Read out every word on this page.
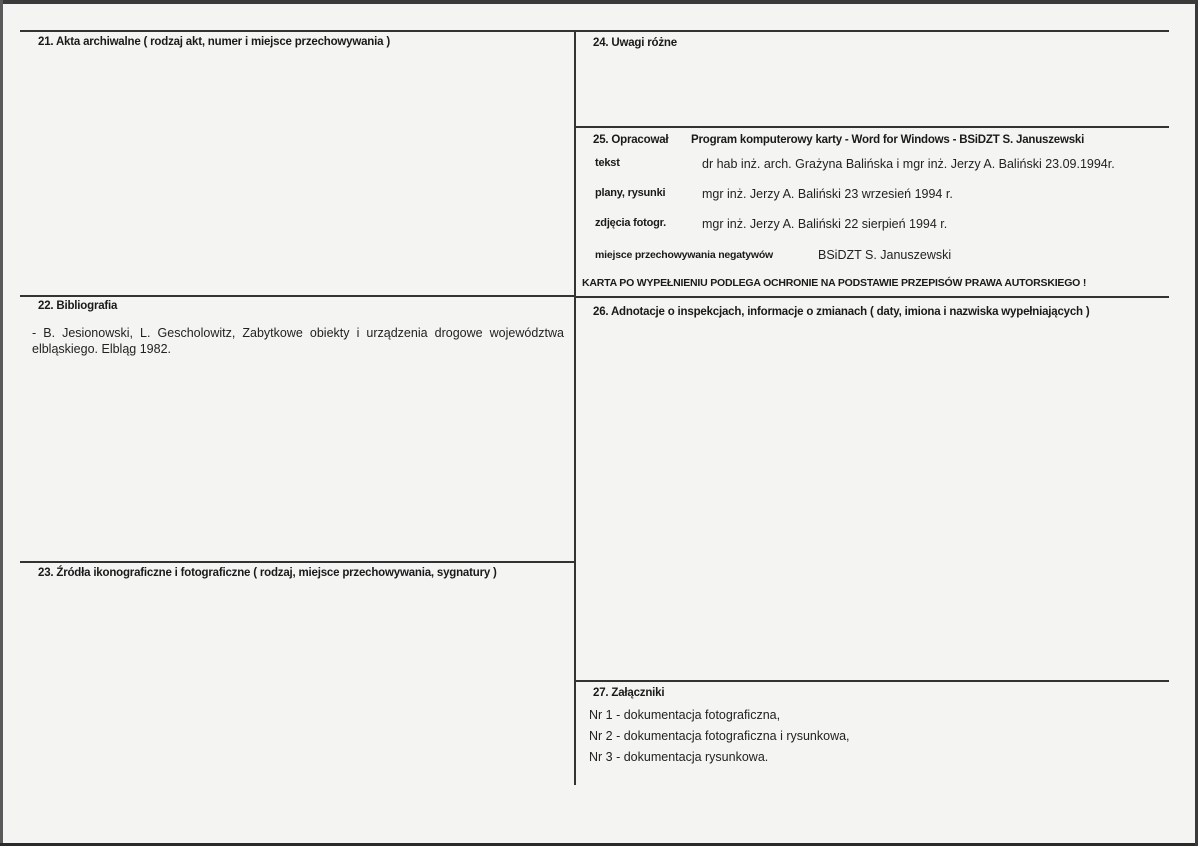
21. Akta archiwalne ( rodzaj akt, numer i miejsce przechowywania )
22. Bibliografia
- B. Jesionowski, L. Gescholowitz, Zabytkowe obiekty i urządzenia drogowe województwa elbląskiego. Elbląg 1982.
23. Źródła ikonograficzne i fotograficzne ( rodzaj, miejsce przechowywania, sygnatury )
24. Uwagi różne
25. Opracował Program komputerowy karty - Word for Windows - BSiDZT S. Januszewski
tekst	dr hab inż. arch. Grażyna Balińska i mgr inż. Jerzy A. Baliński 23.09.1994r.
plany, rysunki	mgr inż. Jerzy A. Baliński 23 wrzesień 1994 r.
zdjęcia fotogr.	mgr inż. Jerzy A. Baliński 22 sierpień 1994 r.
miejsce przechowywania negatywów	BSiDZT S. Januszewski
KARTA PO WYPEŁNIENIU PODLEGA OCHRONIE NA PODSTAWIE PRZEPISÓW PRAWA AUTORSKIEGO !
26. Adnotacje o inspekcjach, informacje o zmianach ( daty, imiona i nazwiska wypełniających )
27. Załączniki
Nr 1 - dokumentacja fotograficzna,
Nr 2 - dokumentacja fotograficzna i rysunkowa,
Nr 3 - dokumentacja rysunkowa.
